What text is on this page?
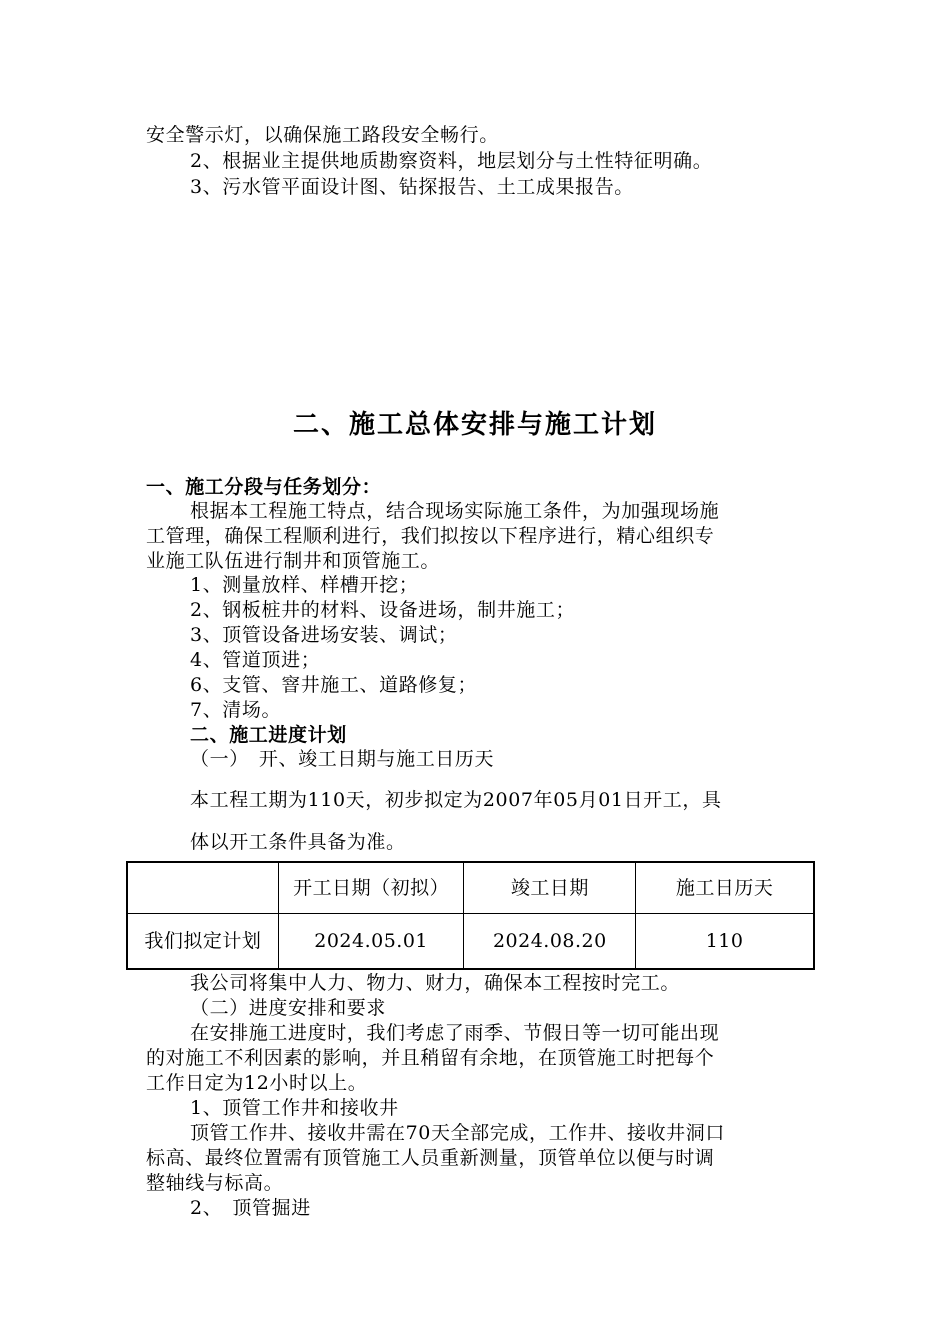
安全警示灯，以确保施工路段安全畅行。
2、根据业主提供地质勘察资料，地层划分与土性特征明确。
3、污水管平面设计图、钻探报告、土工成果报告。
二、施工总体安排与施工计划
一、施工分段与任务划分：
根据本工程施工特点，结合现场实际施工条件，为加强现场施
工管理，确保工程顺利进行，我们拟按以下程序进行，精心组织专
业施工队伍进行制井和顶管施工。
1、测量放样、样槽开挖；
2、钢板桩井的材料、设备进场，制井施工；
3、顶管设备进场安装、调试；
4、管道顶进；
6、支管、窨井施工、道路修复；
7、清场。
二、施工进度计划
（一）　开、竣工日期与施工日历天
本工程工期为110天，初步拟定为2007年05月01日开工，具
体以开工条件具备为准。
	开工日期（初拟）	竣工日期	施工日历天
我们拟定计划	2024.05.01	2024.08.20	110
我公司将集中人力、物力、财力，确保本工程按时完工。
（二）进度安排和要求
在安排施工进度时，我们考虑了雨季、节假日等一切可能出现
的对施工不利因素的影响，并且稍留有余地，在顶管施工时把每个
工作日定为12小时以上。
1、顶管工作井和接收井
顶管工作井、接收井需在70天全部完成，工作井、接收井洞口
标高、最终位置需有顶管施工人员重新测量，顶管单位以便与时调
整轴线与标高。
2、　顶管掘进
